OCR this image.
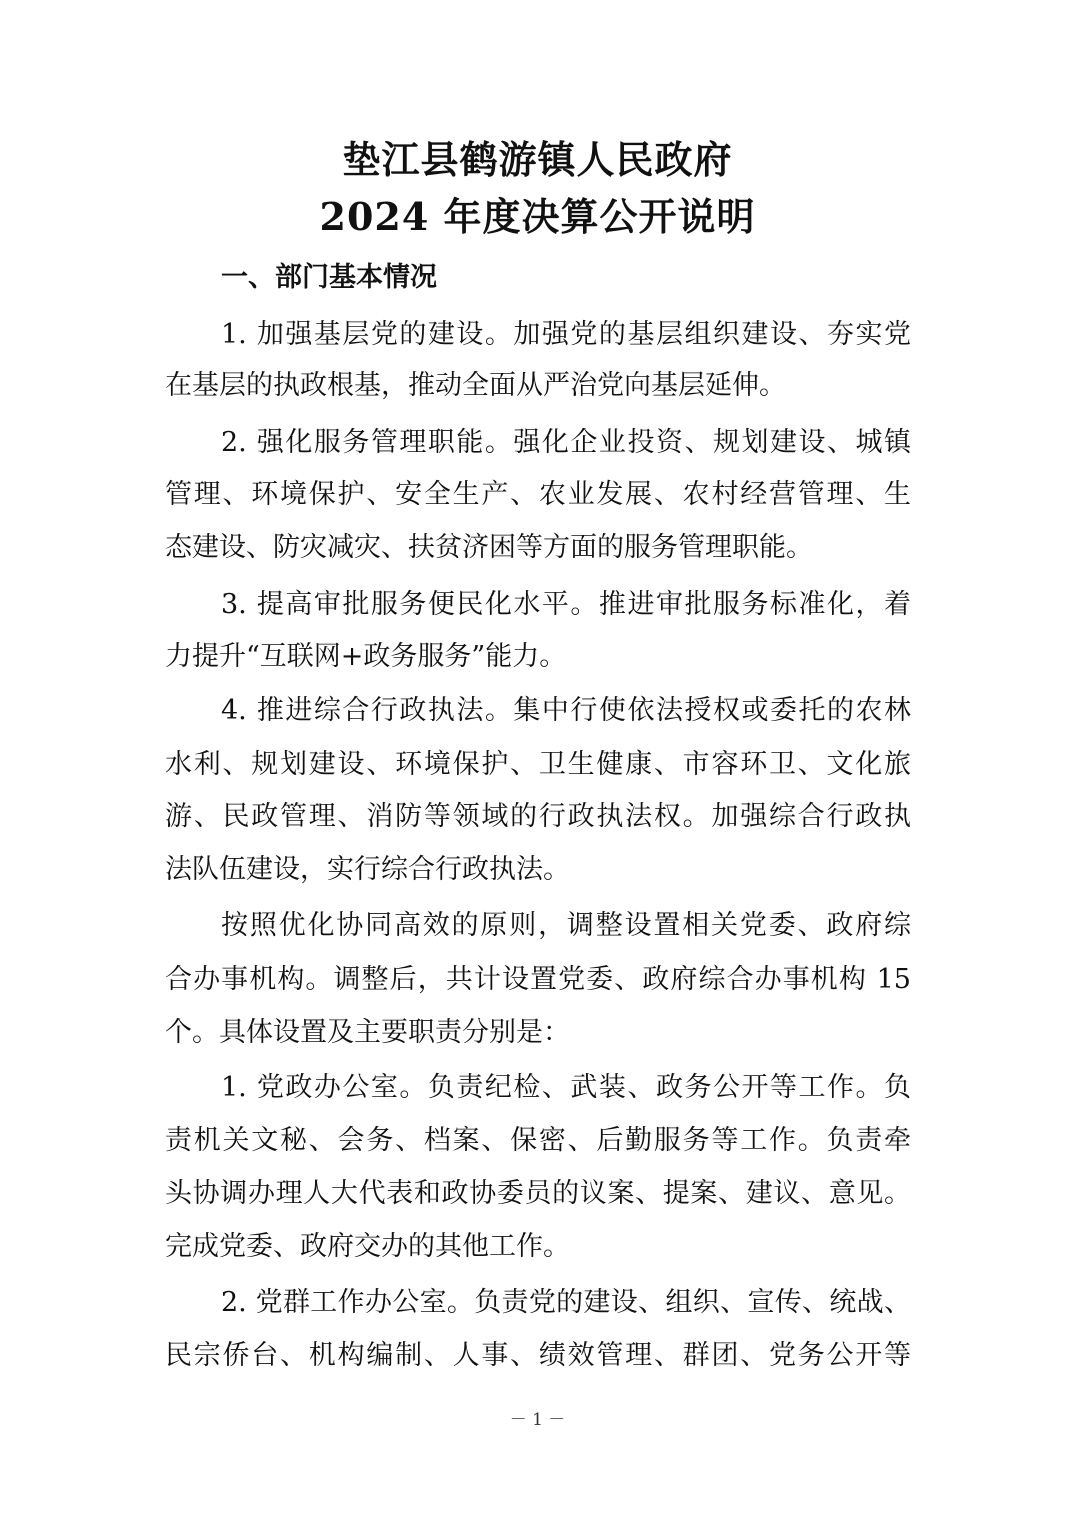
垫江县鹤游镇人民政府
2024 年度决算公开说明
一、部门基本情况
1. 加强基层党的建设。加强党的基层组织建设、夯实党
在基层的执政根基，推动全面从严治党向基层延伸。
2. 强化服务管理职能。强化企业投资、规划建设、城镇
管理、环境保护、安全生产、农业发展、农村经营管理、生
态建设、防灾减灾、扶贫济困等方面的服务管理职能。
3. 提高审批服务便民化水平。推进审批服务标准化，着
力提升“互联网+政务服务”能力。
4. 推进综合行政执法。集中行使依法授权或委托的农林
水利、规划建设、环境保护、卫生健康、市容环卫、文化旅
游、民政管理、消防等领域的行政执法权。加强综合行政执
法队伍建设，实行综合行政执法。
按照优化协同高效的原则，调整设置相关党委、政府综
合办事机构。调整后，共计设置党委、政府综合办事机构 15
个。具体设置及主要职责分别是：
1. 党政办公室。负责纪检、武装、政务公开等工作。负
责机关文秘、会务、档案、保密、后勤服务等工作。负责牵
头协调办理人大代表和政协委员的议案、提案、建议、意见。
完成党委、政府交办的其他工作。
2. 党群工作办公室。负责党的建设、组织、宣传、统战、
民宗侨台、机构编制、人事、绩效管理、群团、党务公开等
－ 1 －
